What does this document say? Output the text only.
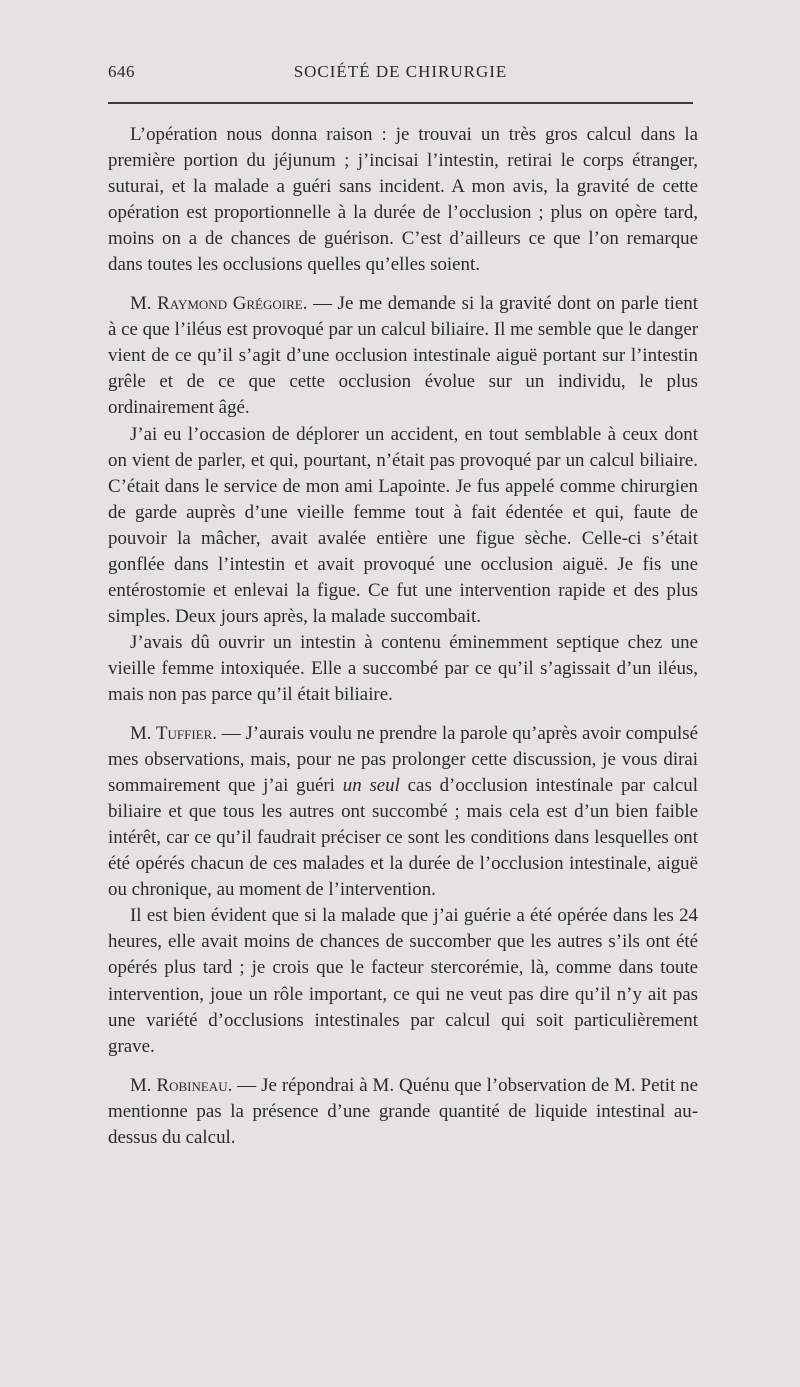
646	SOCIÉTÉ DE CHIRURGIE

L’opération nous donna raison : je trouvai un très gros calcul dans la première portion du jéjunum ; j’incisai l’intestin, retirai le corps étranger, suturai, et la malade a guéri sans incident. A mon avis, la gravité de cette opération est proportionnelle à la durée de l’occlusion ; plus on opère tard, moins on a de chances de guérison. C’est d’ailleurs ce que l’on remarque dans toutes les occlusions quelles qu’elles soient.

M. Raymond Grégoire. — Je me demande si la gravité dont on parle tient à ce que l’iléus est provoqué par un calcul biliaire. Il me semble que le danger vient de ce qu’il s’agit d’une occlusion intestinale aiguë portant sur l’intestin grêle et de ce que cette occlusion évolue sur un individu, le plus ordinairement âgé.

J’ai eu l’occasion de déplorer un accident, en tout semblable à ceux dont on vient de parler, et qui, pourtant, n’était pas provoqué par un calcul biliaire. C’était dans le service de mon ami Lapointe. Je fus appelé comme chirurgien de garde auprès d’une vieille femme tout à fait édentée et qui, faute de pouvoir la mâcher, avait avalée entière une figue sèche. Celle-ci s’était gonflée dans l’intestin et avait provoqué une occlusion aiguë. Je fis une entérostomie et enlevai la figue. Ce fut une intervention rapide et des plus simples. Deux jours après, la malade succombait.

J’avais dû ouvrir un intestin à contenu éminemment septique chez une vieille femme intoxiquée. Elle a succombé par ce qu’il s’agissait d’un iléus, mais non pas parce qu’il était biliaire.

M. Tuffier. — J’aurais voulu ne prendre la parole qu’après avoir compulsé mes observations, mais, pour ne pas prolonger cette discussion, je vous dirai sommairement que j’ai guéri un seul cas d’occlusion intestinale par calcul biliaire et que tous les autres ont succombé ; mais cela est d’un bien faible intérêt, car ce qu’il faudrait préciser ce sont les conditions dans lesquelles ont été opérés chacun de ces malades et la durée de l’occlusion intestinale, aiguë ou chronique, au moment de l’intervention.

Il est bien évident que si la malade que j’ai guérie a été opérée dans les 24 heures, elle avait moins de chances de succomber que les autres s’ils ont été opérés plus tard ; je crois que le facteur stercorémie, là, comme dans toute intervention, joue un rôle important, ce qui ne veut pas dire qu’il n’y ait pas une variété d’occlusions intestinales par calcul qui soit particulièrement grave.

M. Robineau. — Je répondrai à M. Quénu que l’observation de M. Petit ne mentionne pas la présence d’une grande quantité de liquide intestinal au-dessus du calcul.
